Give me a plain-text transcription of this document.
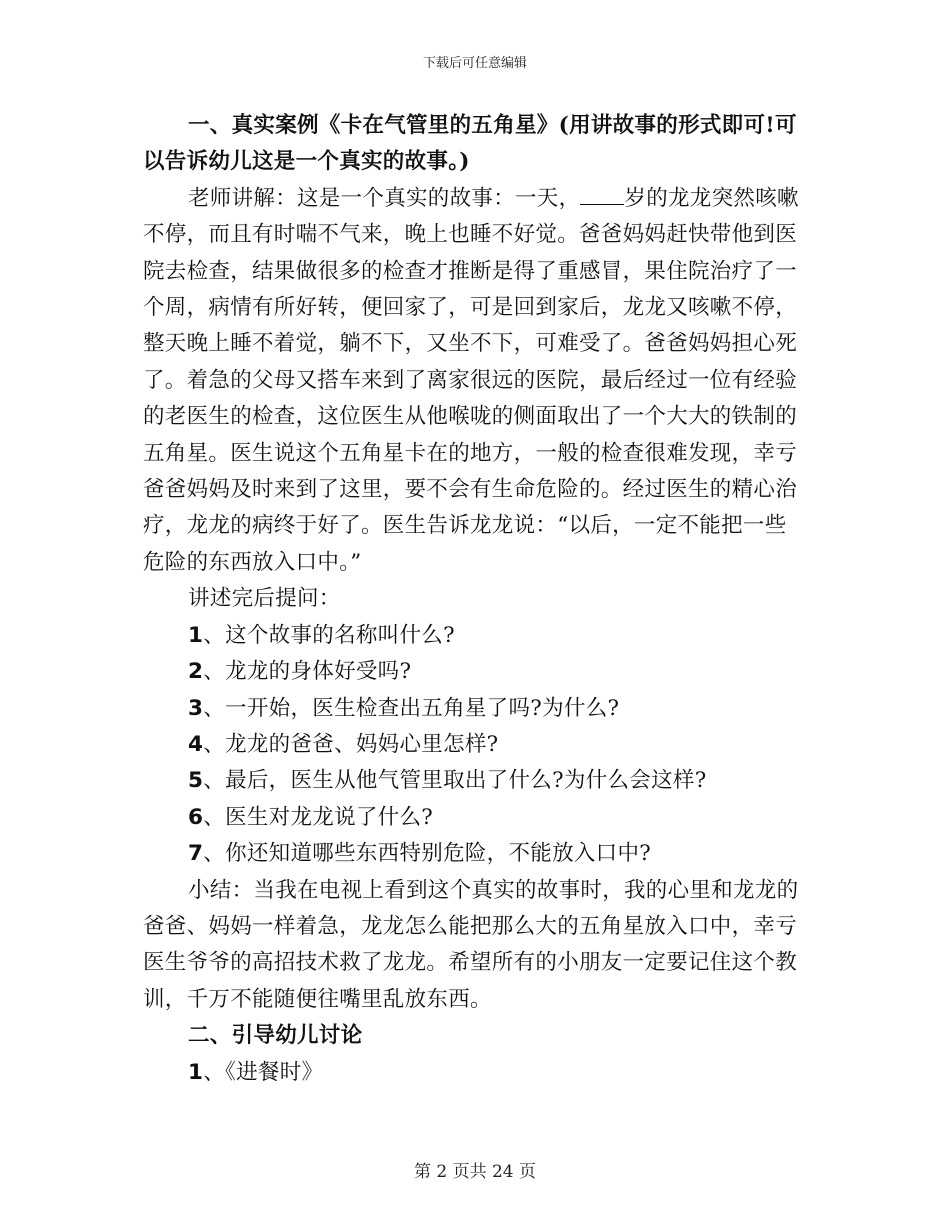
下载后可任意编辑
一、真实案例《卡在气管里的五角星》(用讲故事的形式即可!可
以告诉幼儿这是一个真实的故事。)
老师讲解：这是一个真实的故事：一天， 岁的龙龙突然咳嗽
不停，而且有时喘不气来，晚上也睡不好觉。爸爸妈妈赶快带他到医
院去检查，结果做很多的检查才推断是得了重感冒，果住院治疗了一
个周，病情有所好转，便回家了，可是回到家后，龙龙又咳嗽不停，
整天晚上睡不着觉，躺不下，又坐不下，可难受了。爸爸妈妈担心死
了。着急的父母又搭车来到了离家很远的医院，最后经过一位有经验
的老医生的检查，这位医生从他喉咙的侧面取出了一个大大的铁制的
五角星。医生说这个五角星卡在的地方，一般的检查很难发现，幸亏
爸爸妈妈及时来到了这里，要不会有生命危险的。经过医生的精心治
疗，龙龙的病终于好了。医生告诉龙龙说：“以后，一定不能把一些
危险的东西放入口中。”
讲述完后提问：
1、这个故事的名称叫什么?
2、龙龙的身体好受吗?
3、一开始，医生检查出五角星了吗?为什么?
4、龙龙的爸爸、妈妈心里怎样?
5、最后，医生从他气管里取出了什么?为什么会这样?
6、医生对龙龙说了什么?
7、你还知道哪些东西特别危险，不能放入口中?
小结：当我在电视上看到这个真实的故事时，我的心里和龙龙的
爸爸、妈妈一样着急，龙龙怎么能把那么大的五角星放入口中，幸亏
医生爷爷的高招技术救了龙龙。希望所有的小朋友一定要记住这个教
训，千万不能随便往嘴里乱放东西。
二、引导幼儿讨论
1、《进餐时》
第 2 页共 24 页
